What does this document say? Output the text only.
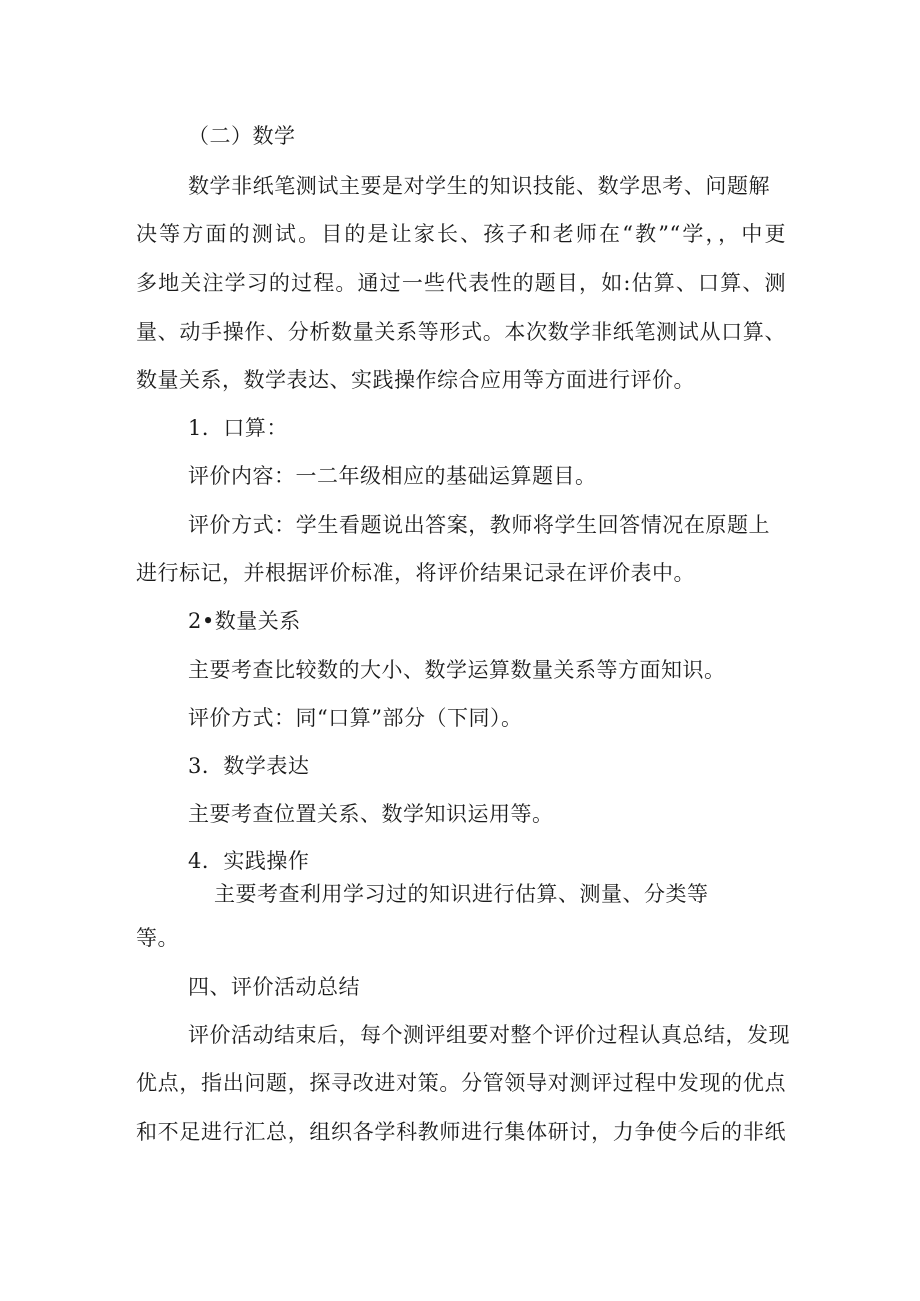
（二）数学
数学非纸笔测试主要是对学生的知识技能、数学思考、问题解
决等方面的测试。目的是让家长、孩子和老师在“教”“学，，中更
多地关注学习的过程。通过一些代表性的题目，如:估算、口算、测
量、动手操作、分析数量关系等形式。本次数学非纸笔测试从口算、
数量关系，数学表达、实践操作综合应用等方面进行评价。
1．口算：
评价内容：一二年级相应的基础运算题目。
评价方式：学生看题说出答案，教师将学生回答情况在原题上
进行标记，并根据评价标准，将评价结果记录在评价表中。
2•数量关系
主要考查比较数的大小、数学运算数量关系等方面知识。
评价方式：同“口算”部分（下同）。
3．数学表达
主要考查位置关系、数学知识运用等。
4．实践操作
主要考查利用学习过的知识进行估算、测量、分类等
等。
四、评价活动总结
评价活动结束后，每个测评组要对整个评价过程认真总结，发现
优点，指出问题，探寻改进对策。分管领导对测评过程中发现的优点
和不足进行汇总，组织各学科教师进行集体研讨，力争使今后的非纸
